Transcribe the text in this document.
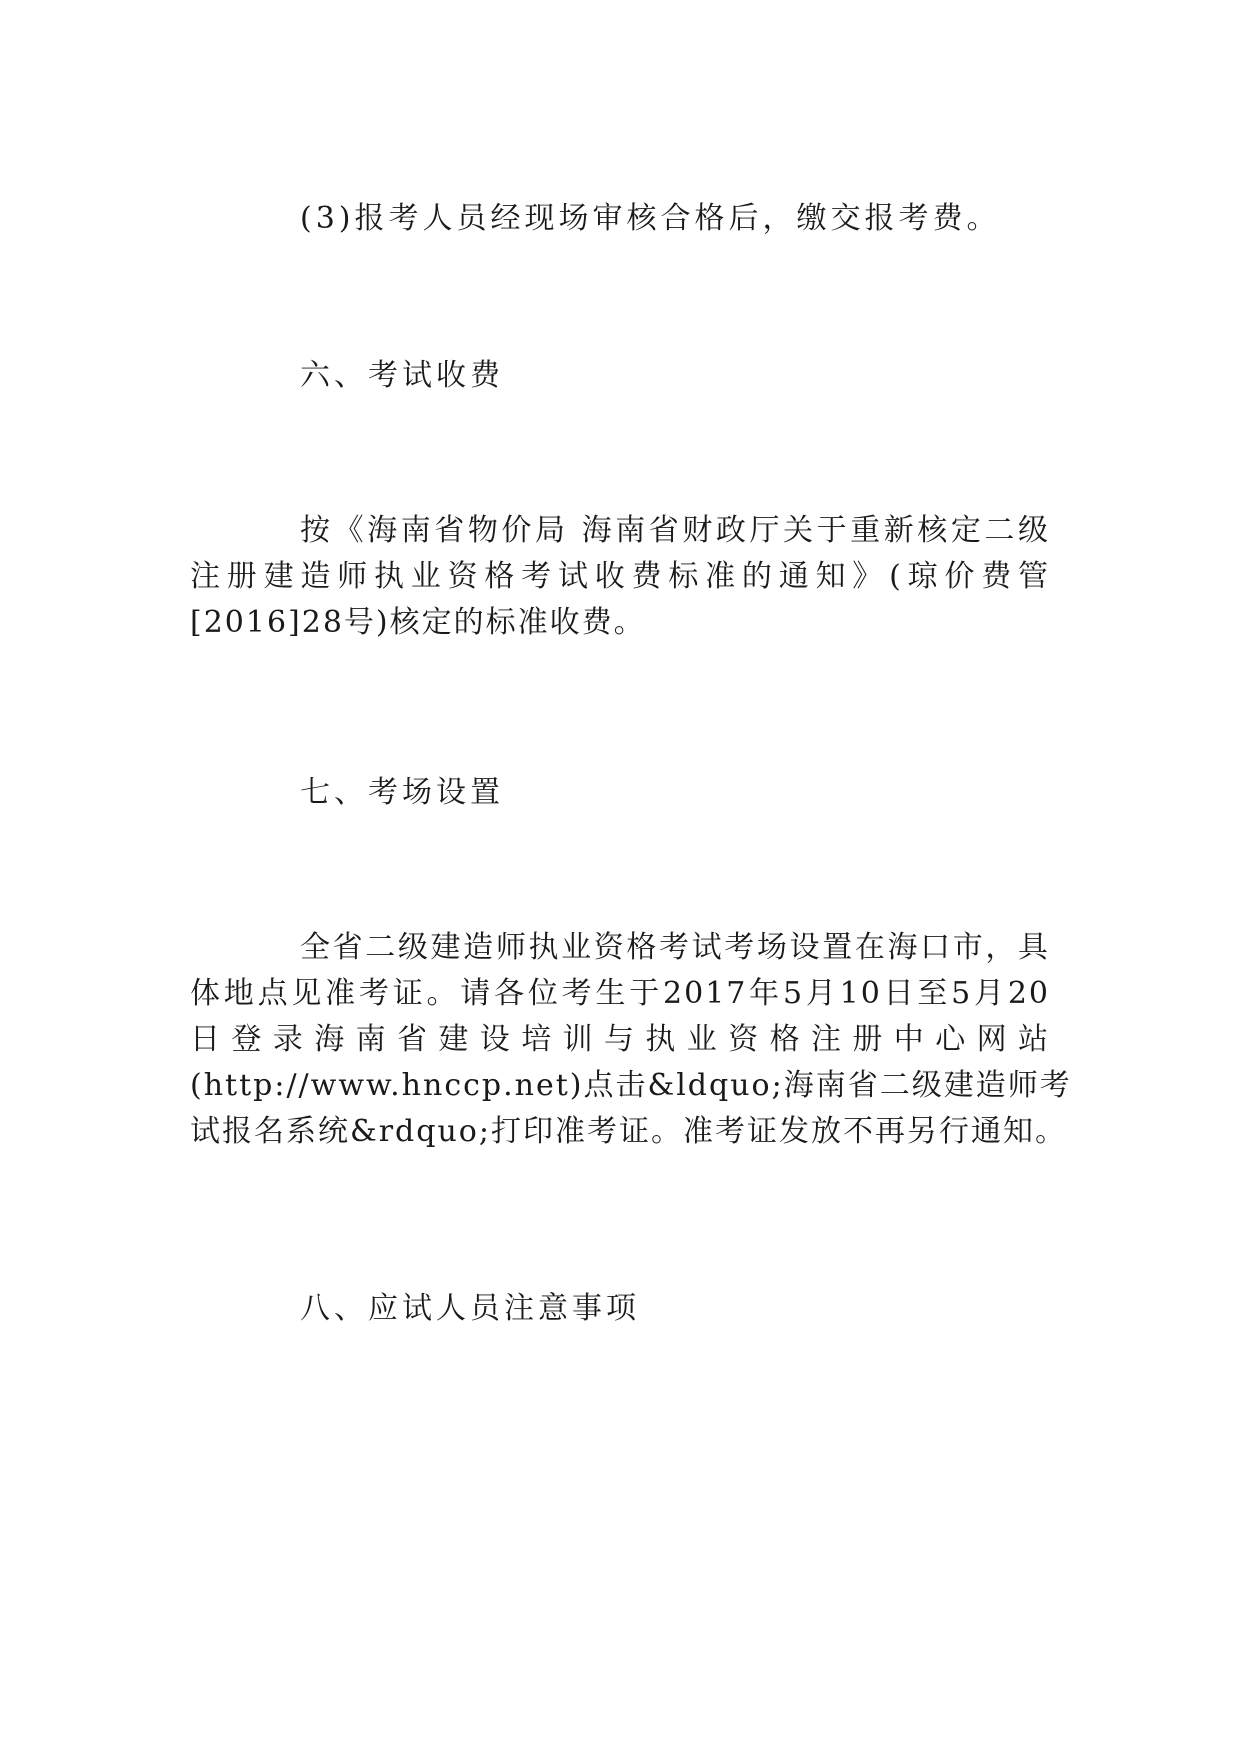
(3)报考人员经现场审核合格后，缴交报考费。

六、考试收费

按《海南省物价局 海南省财政厅关于重新核定二级
注册建造师执业资格考试收费标准的通知》(琼价费管
[2016]28号)核定的标准收费。

七、考场设置

全省二级建造师执业资格考试考场设置在海口市，具
体地点见准考证。请各位考生于2017年5月10日至5月20
日登录海南省建设培训与执业资格注册中心网站
(http://www.hnccp.net)点击&ldquo;海南省二级建造师考
试报名系统&rdquo;打印准考证。准考证发放不再另行通知。

八、应试人员注意事项
